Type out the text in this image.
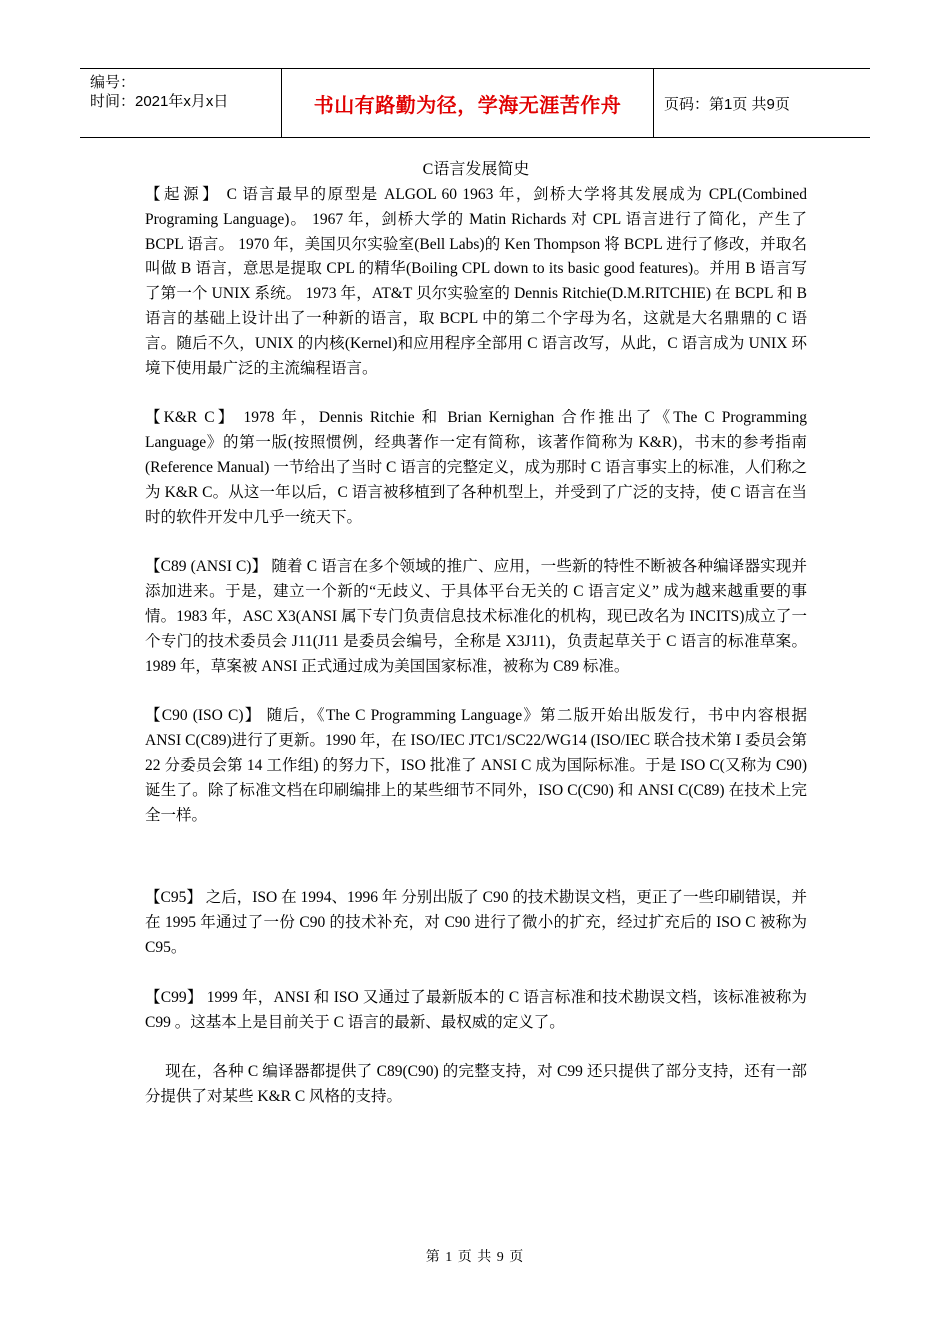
编号：
时间：2021年x月x日	书山有路勤为径，学海无涯苦作舟	页码：第1页 共9页
C语言发展简史

【起源】 C 语言最早的原型是 ALGOL 60 1963 年，剑桥大学将其发展成为 CPL(Combined Programing Language)。 1967 年，剑桥大学的 Matin Richards 对 CPL 语言进行了简化，产生了 BCPL 语言。 1970 年，美国贝尔实验室(Bell Labs)的 Ken Thompson 将 BCPL 进行了修改，并取名叫做 B 语言，意思是提取 CPL 的精华(Boiling CPL down to its basic good features)。并用 B 语言写了第一个 UNIX 系统。 1973 年，AT&T 贝尔实验室的 Dennis Ritchie(D.M.RITCHIE) 在 BCPL 和 B 语言的基础上设计出了一种新的语言，取 BCPL 中的第二个字母为名，这就是大名鼎鼎的 C 语言。随后不久，UNIX 的内核(Kernel)和应用程序全部用 C 语言改写，从此，C 语言成为 UNIX 环境下使用最广泛的主流编程语言。

【K&R C】 1978 年，Dennis Ritchie 和 Brian Kernighan 合作推出了《The C Programming Language》的第一版(按照惯例，经典著作一定有简称，该著作简称为 K&R)，书末的参考指南 (Reference Manual) 一节给出了当时 C 语言的完整定义，成为那时 C 语言事实上的标准，人们称之为 K&R C。从这一年以后，C 语言被移植到了各种机型上，并受到了广泛的支持，使 C 语言在当时的软件开发中几乎一统天下。

【C89 (ANSI C)】 随着 C 语言在多个领域的推广、应用，一些新的特性不断被各种编译器实现并添加进来。于是，建立一个新的“无歧义、于具体平台无关的 C 语言定义” 成为越来越重要的事情。1983 年，ASC X3(ANSI 属下专门负责信息技术标准化的机构，现已改名为 INCITS)成立了一个专门的技术委员会 J11(J11 是委员会编号，全称是 X3J11)，负责起草关于 C 语言的标准草案。1989 年，草案被 ANSI 正式通过成为美国国家标准，被称为 C89 标准。

【C90 (ISO C)】 随后，《The C Programming Language》第二版开始出版发行，书中内容根据 ANSI C(C89)进行了更新。1990 年，在 ISO/IEC JTC1/SC22/WG14 (ISO/IEC 联合技术第 I 委员会第 22 分委员会第 14 工作组) 的努力下，ISO 批准了 ANSI C 成为国际标准。于是 ISO C(又称为 C90) 诞生了。除了标准文档在印刷编排上的某些细节不同外，ISO C(C90) 和 ANSI C(C89) 在技术上完全一样。

【C95】 之后，ISO 在 1994、1996 年 分别出版了 C90 的技术勘误文档，更正了一些印刷错误，并在 1995 年通过了一份 C90 的技术补充，对 C90 进行了微小的扩充，经过扩充后的 ISO C 被称为 C95。

【C99】 1999 年，ANSI 和 ISO 又通过了最新版本的 C 语言标准和技术勘误文档，该标准被称为 C99 。这基本上是目前关于 C 语言的最新、最权威的定义了。

现在，各种 C 编译器都提供了 C89(C90) 的完整支持，对 C99 还只提供了部分支持，还有一部分提供了对某些 K&R C 风格的支持。

第 1 页 共 9 页
